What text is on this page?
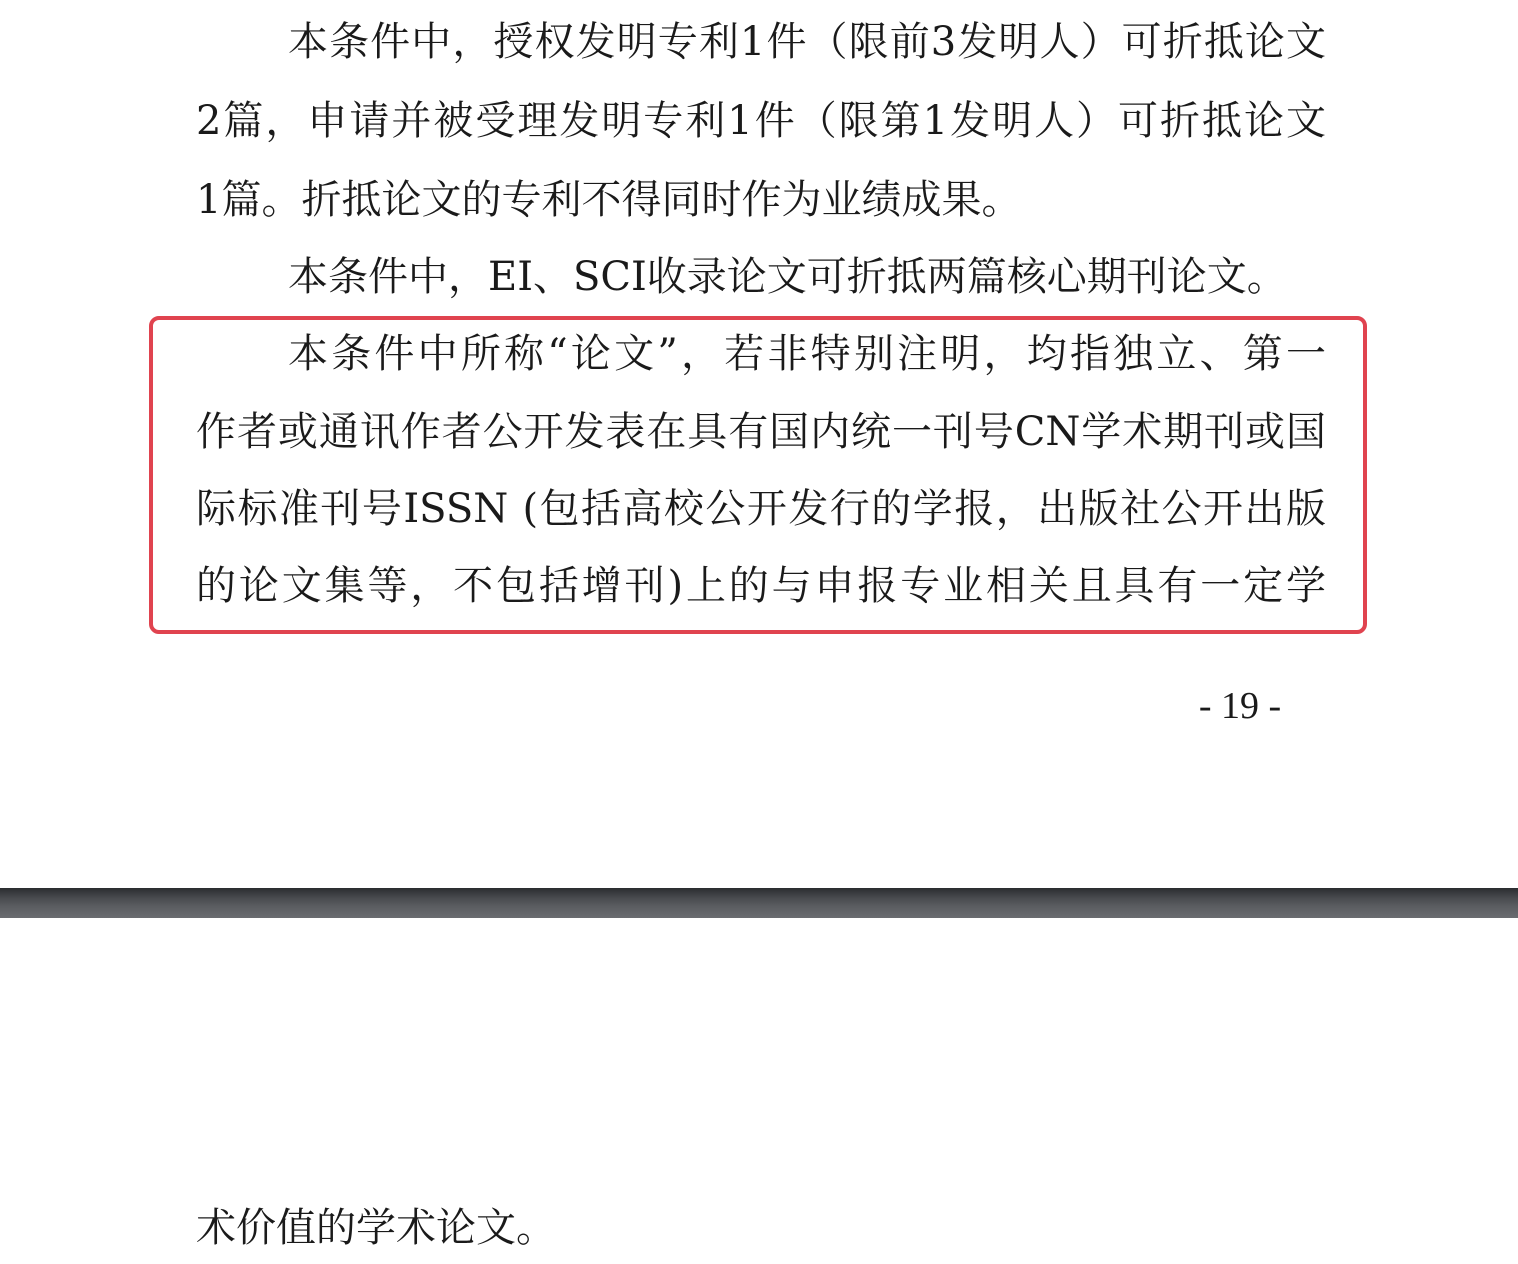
本条件中，授权发明专利1件（限前3发明人）可折抵论文
2篇，申请并被受理发明专利1件（限第1发明人）可折抵论文
1篇。折抵论文的专利不得同时作为业绩成果。
本条件中，EI、SCI收录论文可折抵两篇核心期刊论文。
本条件中所称“论文”，若非特别注明，均指独立、第一
作者或通讯作者公开发表在具有国内统一刊号CN学术期刊或国
际标准刊号ISSN (包括高校公开发行的学报，出版社公开出版
的论文集等，不包括增刊)上的与申报专业相关且具有一定学
- 19 -
术价值的学术论文。
